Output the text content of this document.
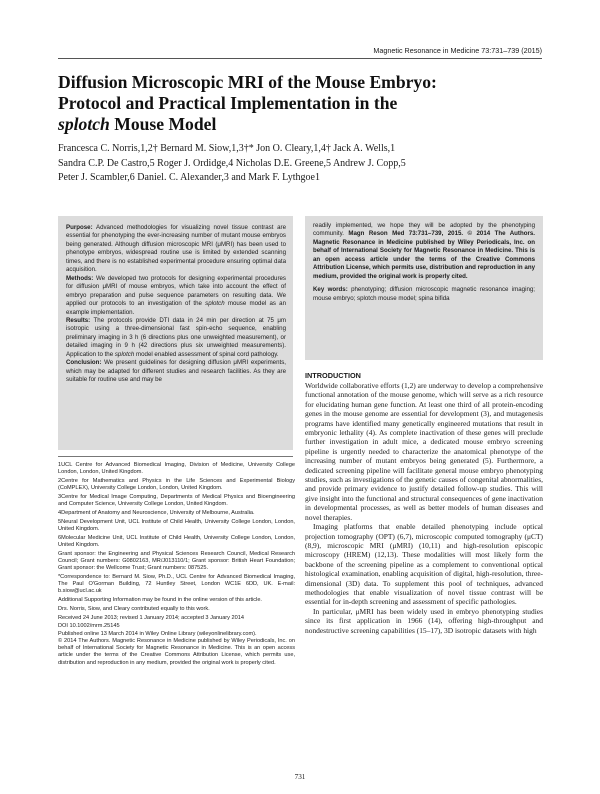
Magnetic Resonance in Medicine 73:731–739 (2015)
Diffusion Microscopic MRI of the Mouse Embryo:
Protocol and Practical Implementation in the
splotch Mouse Model
Francesca C. Norris,1,2† Bernard M. Siow,1,3†* Jon O. Cleary,1,4† Jack A. Wells,1
Sandra C.P. De Castro,5 Roger J. Ordidge,4 Nicholas D.E. Greene,5 Andrew J. Copp,5
Peter J. Scambler,6 Daniel. C. Alexander,3 and Mark F. Lythgoe1
Purpose: Advanced methodologies for visualizing novel tissue contrast are essential for phenotyping the ever-increasing number of mutant mouse embryos being generated. Although diffusion microscopic MRI (μMRI) has been used to phenotype embryos, widespread routine use is limited by extended scanning times, and there is no established experimental procedure ensuring optimal data acquisition.
Methods: We developed two protocols for designing experimental procedures for diffusion μMRI of mouse embryos, which take into account the effect of embryo preparation and pulse sequence parameters on resulting data. We applied our protocols to an investigation of the splotch mouse model as an example implementation.
Results: The protocols provide DTI data in 24 min per direction at 75 μm isotropic using a three-dimensional fast spin-echo sequence, enabling preliminary imaging in 3 h (6 directions plus one unweighted measurement), or detailed imaging in 9 h (42 directions plus six unweighted measurements). Application to the splotch model enabled assessment of spinal cord pathology.
Conclusion: We present guidelines for designing diffusion μMRI experiments, which may be adapted for different studies and research facilities. As they are suitable for routine use and may be
readily implemented, we hope they will be adopted by the phenotyping community. Magn Reson Med 73:731–739, 2015. © 2014 The Authors. Magnetic Resonance in Medicine published by Wiley Periodicals, Inc. on behalf of International Society for Magnetic Resonance in Medicine. This is an open access article under the terms of the Creative Commons Attribution License, which permits use, distribution and reproduction in any medium, provided the original work is properly cited.
Key words: phenotyping; diffusion microscopic magnetic resonance imaging; mouse embryo; splotch mouse model; spina bifida
INTRODUCTION

Worldwide collaborative efforts (1,2) are underway to develop a comprehensive functional annotation of the mouse genome, which will serve as a rich resource for elucidating human gene function. At least one third of all protein-encoding genes in the mouse genome are essential for development (3), and mutagenesis programs have identified many genetically engineered mutations that result in embryonic lethality (4). As complete inactivation of these genes will preclude further investigation in adult mice, a dedicated mouse embryo screening pipeline is urgently needed to characterize the anatomical phenotype of the increasing number of mutant embryos being generated (5). Furthermore, a dedicated screening pipeline will facilitate general mouse embryo phenotyping studies, such as investigations of the genetic causes of congenital abnormalities, and provide primary evidence to justify detailed follow-up studies. This will give insight into the functional and structural consequences of gene inactivation in developmental processes, as well as better models of human diseases and novel therapies.

Imaging platforms that enable detailed phenotyping include optical projection tomography (OPT) (6,7), microscopic computed tomography (μCT) (8,9), microscopic MRI (μMRI) (10,11) and high-resolution episcopic microscopy (HREM) (12,13). These modalities will most likely form the backbone of the screening pipeline as a complement to conventional optical histological examination, enabling acquisition of digital, high-resolution, three-dimensional (3D) data. To supplement this pool of techniques, advanced methodologies that enable visualization of novel tissue contrast will be essential for in-depth screening and assessment of specific pathologies.

In particular, μMRI has been widely used in embryo phenotyping studies since its first application in 1966 (14), offering high-throughput and nondestructive screening capabilities (15–17), 3D isotropic datasets with high

1UCL Centre for Advanced Biomedical Imaging, Division of Medicine, University College London, London, United Kingdom.

2Centre for Mathematics and Physics in the Life Sciences and Experimental Biology (CoMPLEX), University College London, London, United Kingdom.

3Centre for Medical Image Computing, Departments of Medical Physics and Bioengineering and Computer Science, University College London, United Kingdom.

4Department of Anatomy and Neuroscience, University of Melbourne, Australia.

5Neural Development Unit, UCL Institute of Child Health, University College London, London, United Kingdom.

6Molecular Medicine Unit, UCL Institute of Child Health, University College London, London, United Kingdom.

Grant sponsor: the Engineering and Physical Sciences Research Council, Medical Research Council; Grant numbers: G0802163, MR/J013110/1; Grant sponsor: British Heart Foundation; Grant sponsor: the Wellcome Trust; Grant numbers: 087525.

*Correspondence to: Bernard M. Siow, Ph.D., UCL Centre for Advanced Biomedical Imaging, The Paul O'Gorman Building, 72 Huntley Street, London WC1E 6DD, UK. E-mail: b.siow@ucl.ac.uk

Additional Supporting Information may be found in the online version of this article.

Drs. Norris, Siow, and Cleary contributed equally to this work.

Received 24 June 2013; revised 1 January 2014; accepted 3 January 2014

DOI 10.1002/mrm.25145

Published online 13 March 2014 in Wiley Online Library (wileyonlinelibrary.com).

© 2014 The Authors. Magnetic Resonance in Medicine published by Wiley Periodicals, Inc. on behalf of International Society for Magnetic Resonance in Medicine. This is an open access article under the terms of the Creative Commons Attribution License, which permits use, distribution and reproduction in any medium, provided the original work is properly cited.

731
